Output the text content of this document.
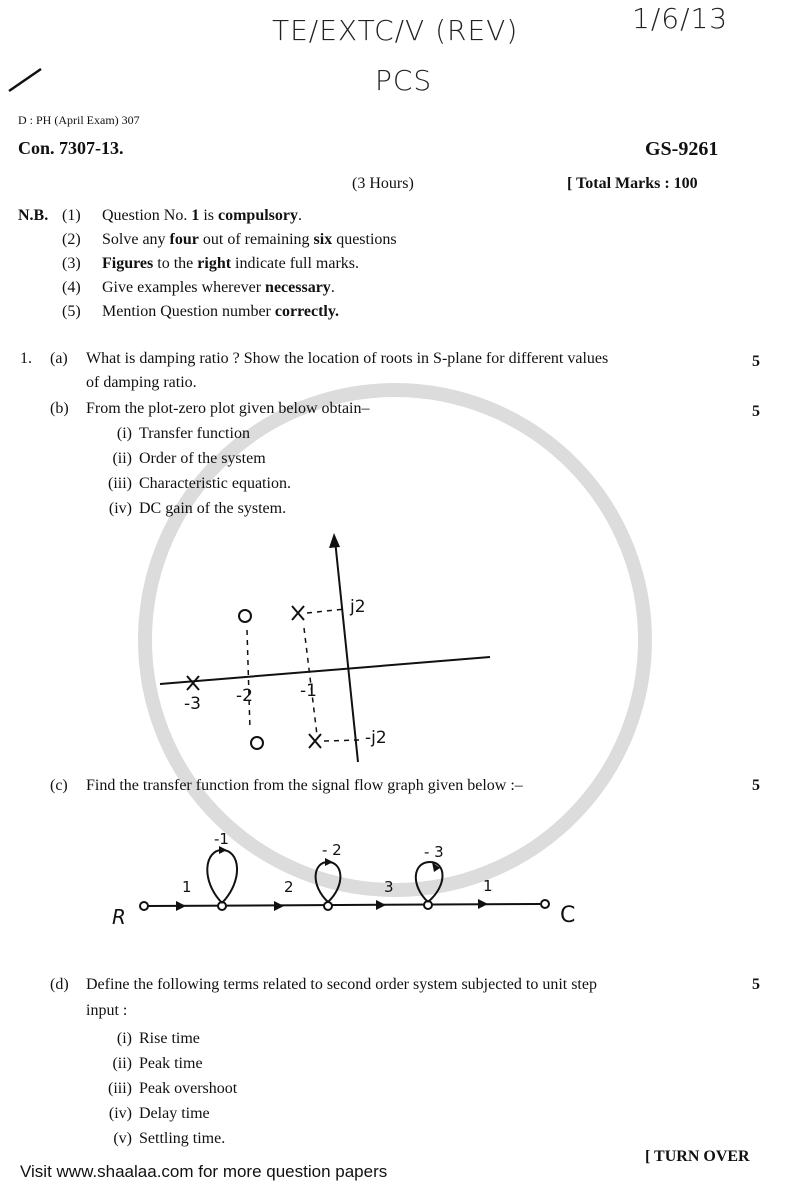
TE/EXTC/V (REV)	1/6/13
PCS
D : PH (April Exam) 307
Con. 7307-13.	GS-9261
(3 Hours)	[ Total Marks : 100
N.B.
1. (a) What is damping ratio ? Show the location of roots in S-plane for different values
of damping ratio.
5
(b) From the plot-zero plot given below obtain–	5
j2
-j2
-3 -2	-1
(c) Find the transfer function from the signal flow graph given below :–	5
R	C
1	2	3	1
-1
- 2	- 3
(d) Define the following terms related to second order system subjected to unit step
input :
5
Visit www.shaalaa.com for more question papers
[ TURN OVER
(1) Question No. 1 is compulsory.
(2) Solve any four out of remaining six questions
(3) Figures to the right indicate full marks.
(4) Give examples wherever necessary.
(5) Mention Question number correctly.
(i) Transfer function
(ii) Order of the system
(iii) Characteristic equation.
(iv) DC gain of the system.
(i) Rise time
(ii) Peak time
(iii) Peak overshoot
(iv) Delay time
(v) Settling time.
